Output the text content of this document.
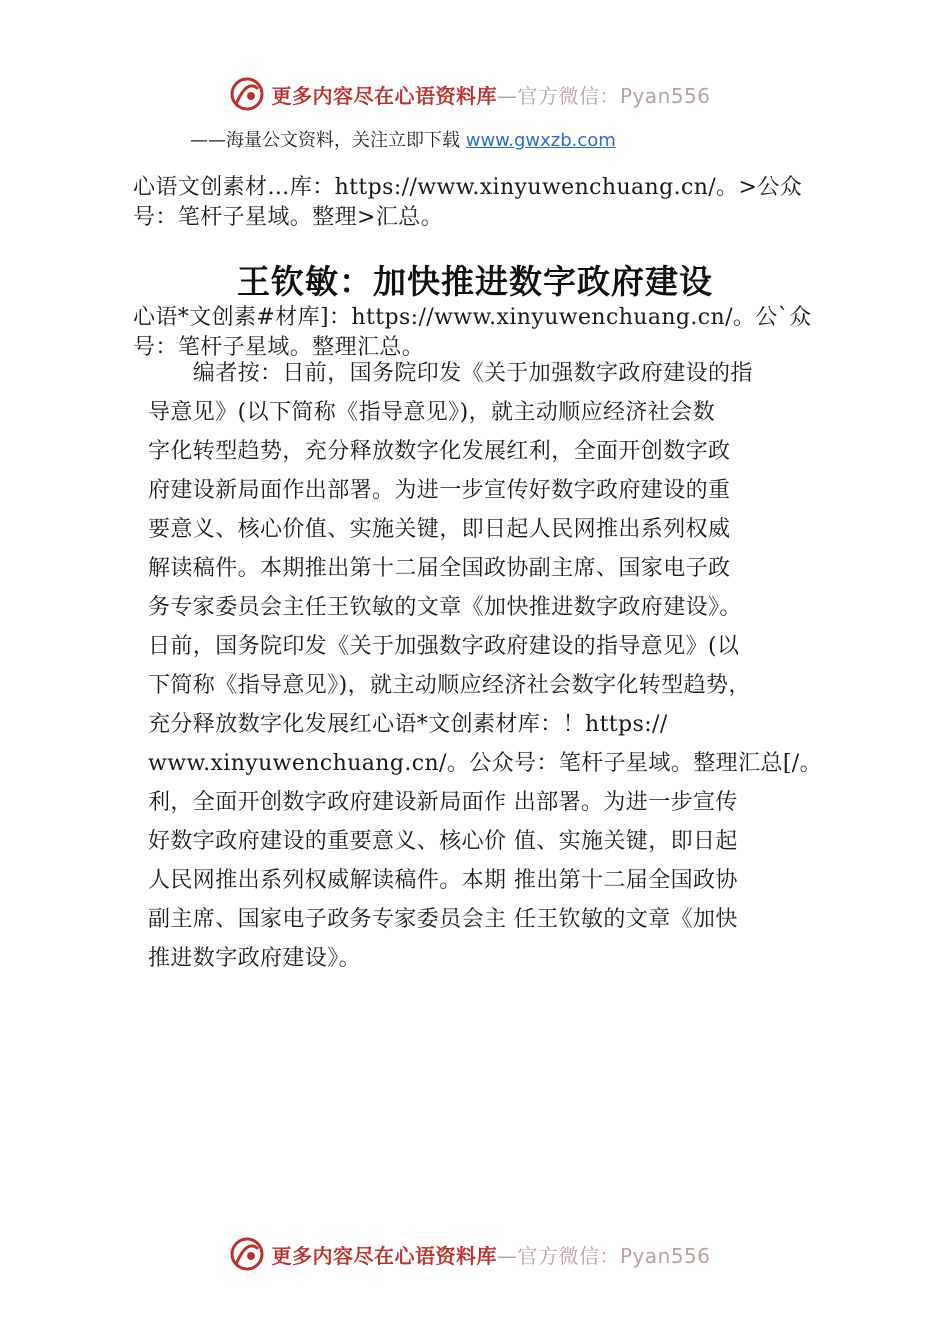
更多内容尽在心语资料库—官方微信：Pyan556
——海量公文资料，关注立即下载 www.gwxzb.com
心语文创素材…库：https://www.xinyuwenchuang.cn/。>公众
号：笔杆子星域。整理>汇总。
王钦敏：加快推进数字政府建设
心语*文创素#材库]：https://www.xinyuwenchuang.cn/。公`众
号：笔杆子星域。整理汇总。
　　编者按：日前，国务院印发《关于加强数字政府建设的指
导意见》(以下简称《指导意见》)，就主动顺应经济社会数
字化转型趋势，充分释放数字化发展红利，全面开创数字政
府建设新局面作出部署。为进一步宣传好数字政府建设的重
要意义、核心价值、实施关键，即日起人民网推出系列权威
解读稿件。本期推出第十二届全国政协副主席、国家电子政
务专家委员会主任王钦敏的文章《加快推进数字政府建设》。
日前，国务院印发《关于加强数字政府建设的指导意见》(以
下简称《指导意见》)，就主动顺应经济社会数字化转型趋势，
充分释放数字化发展红心语*文创素材库：！https://
www.xinyuwenchuang.cn/。公众号：笔杆子星域。整理汇总[/。
利，全面开创数字政府建设新局面作 出部署。为进一步宣传
好数字政府建设的重要意义、核心价 值、实施关键，即日起
人民网推出系列权威解读稿件。本期 推出第十二届全国政协
副主席、国家电子政务专家委员会主 任王钦敏的文章《加快
推进数字政府建设》。
更多内容尽在心语资料库—官方微信：Pyan556
